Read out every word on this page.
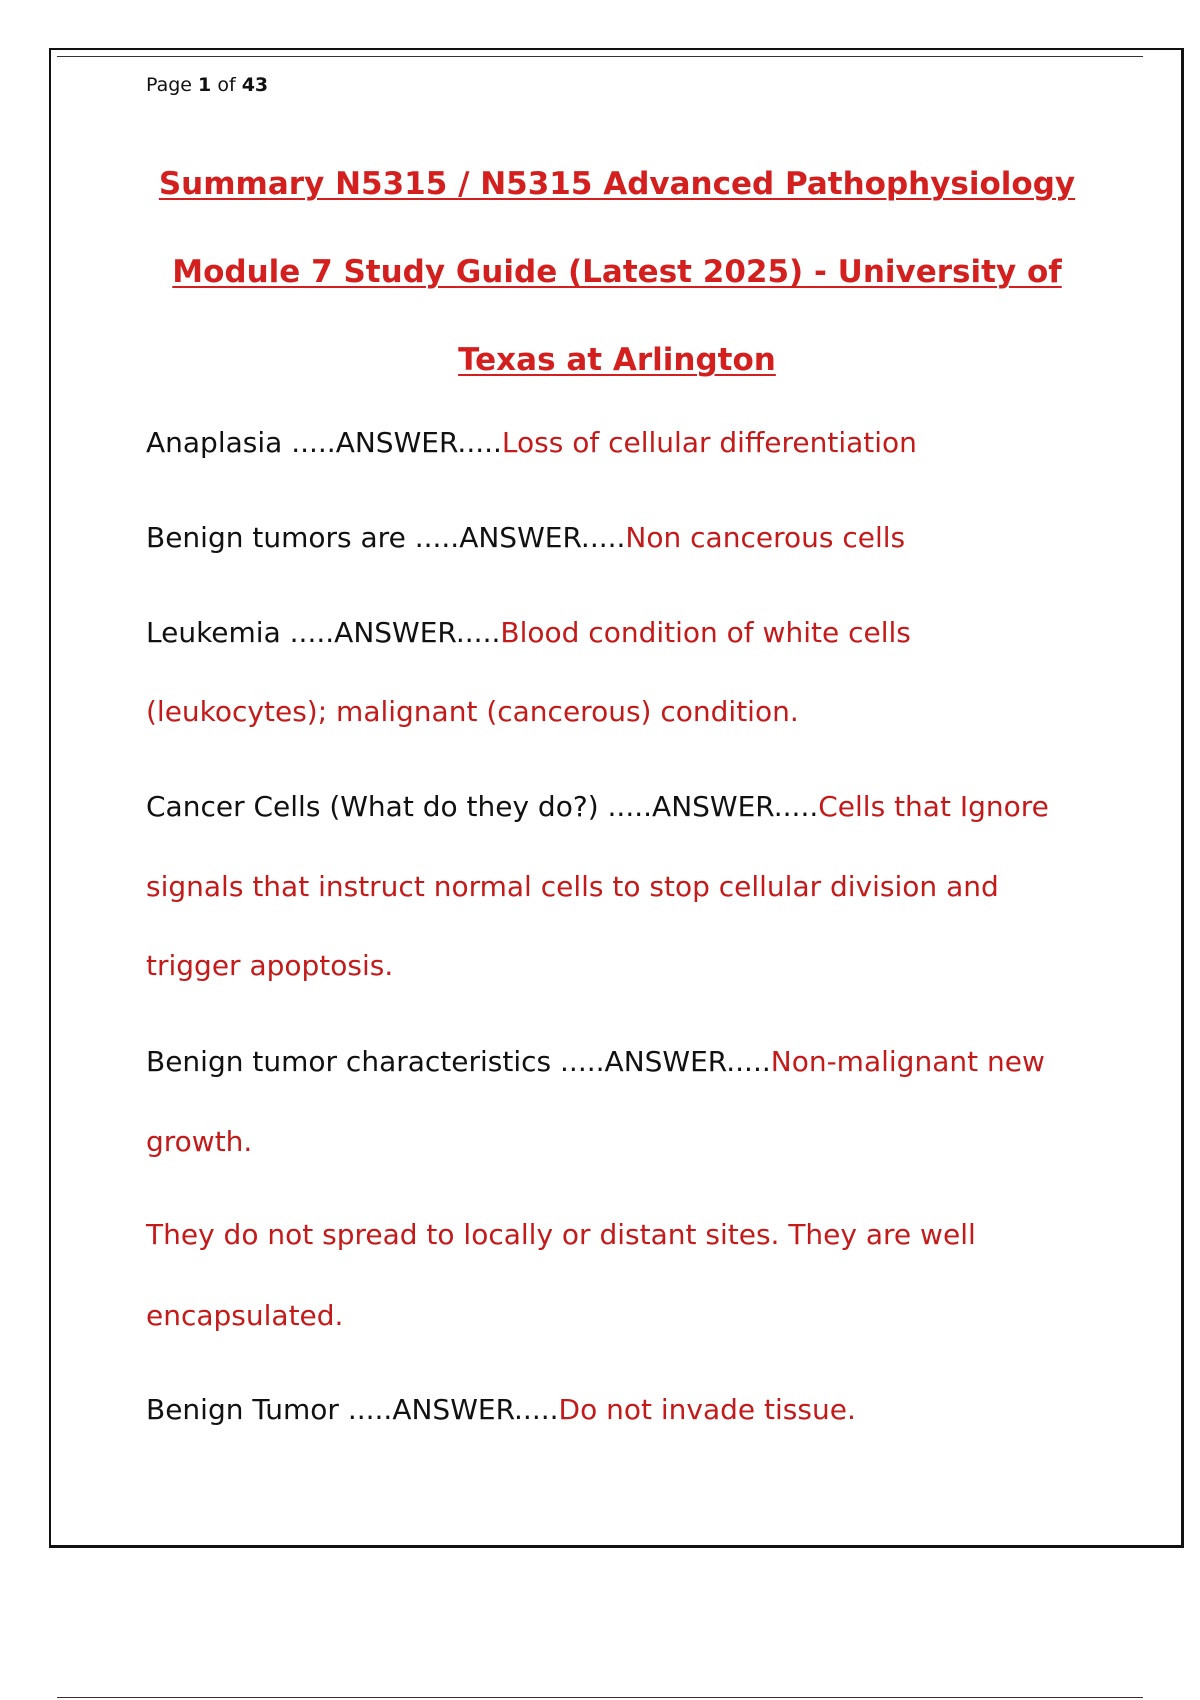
Page 1 of 43
Summary N5315 / N5315 Advanced Pathophysiology
Module 7 Study Guide (Latest 2025) - University of
Texas at Arlington
Anaplasia .....ANSWER.....Loss of cellular differentiation
Benign tumors are .....ANSWER.....Non cancerous cells
Leukemia .....ANSWER.....Blood condition of white cells
(leukocytes); malignant (cancerous) condition.
Cancer Cells (What do they do?) .....ANSWER.....Cells that Ignore
signals that instruct normal cells to stop cellular division and
trigger apoptosis.
Benign tumor characteristics .....ANSWER.....Non-malignant new
growth.
They do not spread to locally or distant sites. They are well
encapsulated.
Benign Tumor .....ANSWER.....Do not invade tissue.
